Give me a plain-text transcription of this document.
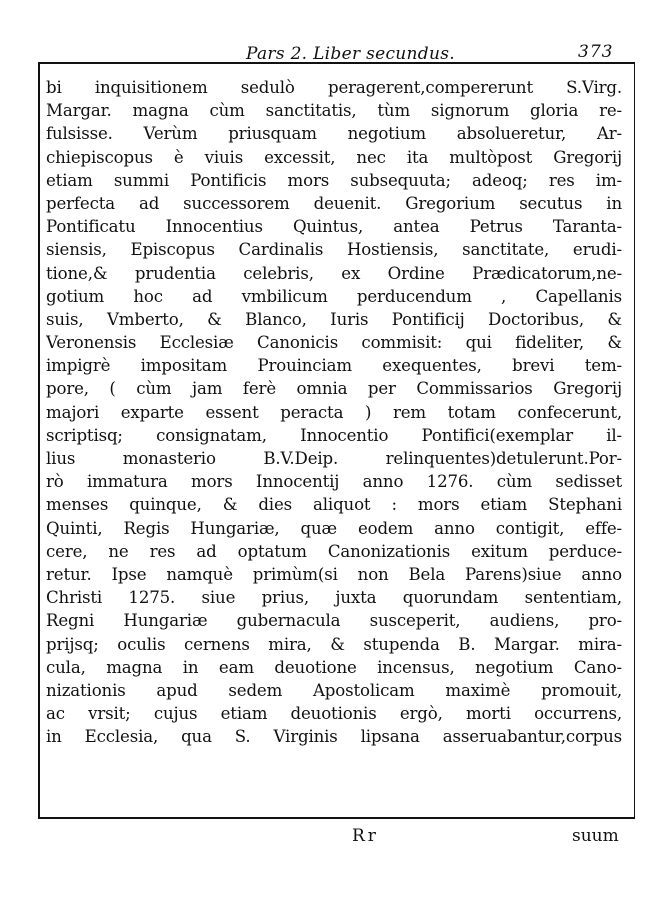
Pars 2. Liber secundus.	373
bi inquisitionem sedulò peragerent,compererunt S.Virg.
Margar. magna cùm sanctitatis, tùm signorum gloria re-
fulsisse. Verùm priusquam negotium absolueretur, Ar-
chiepiscopus è viuis excessit, nec ita multòpost Gregorij
etiam summi Pontificis mors subsequuta; adeoq; res im-
perfecta ad successorem deuenit. Gregorium secutus in
Pontificatu Innocentius Quintus, antea Petrus Taranta-
siensis, Episcopus Cardinalis Hostiensis, sanctitate, erudi-
tione,& prudentia celebris, ex Ordine Prædicatorum,ne-
gotium hoc ad vmbilicum perducendum , Capellanis
suis, Vmberto, & Blanco, Iuris Pontificij Doctoribus, &
Veronensis Ecclesiæ Canonicis commisit: qui fideliter, &
impigrè impositam Prouinciam exequentes, brevi tem-
pore, ( cùm jam ferè omnia per Commissarios Gregorij
majori exparte essent peracta ) rem totam confecerunt,
scriptisq; consignatam, Innocentio Pontifici(exemplar il-
lius monasterio B.V.Deip. relinquentes)detulerunt.Por-
rò immatura mors Innocentij anno 1276. cùm sedisset
menses quinque, & dies aliquot : mors etiam Stephani
Quinti, Regis Hungariæ, quæ eodem anno contigit, effe-
cere, ne res ad optatum Canonizationis exitum perduce-
retur. Ipse namquè primùm(si non Bela Parens)siue anno
Christi 1275. siue prius, juxta quorundam sententiam,
Regni Hungariæ gubernacula susceperit, audiens, pro-
prijsq; oculis cernens mira, & stupenda B. Margar. mira-
cula, magna in eam deuotione incensus, negotium Cano-
nizationis apud sedem Apostolicam maximè promouit,
ac vrsit; cujus etiam deuotionis ergò, morti occurrens,
in Ecclesia, qua S. Virginis lipsana asseruabantur,corpus
Rr	suum
